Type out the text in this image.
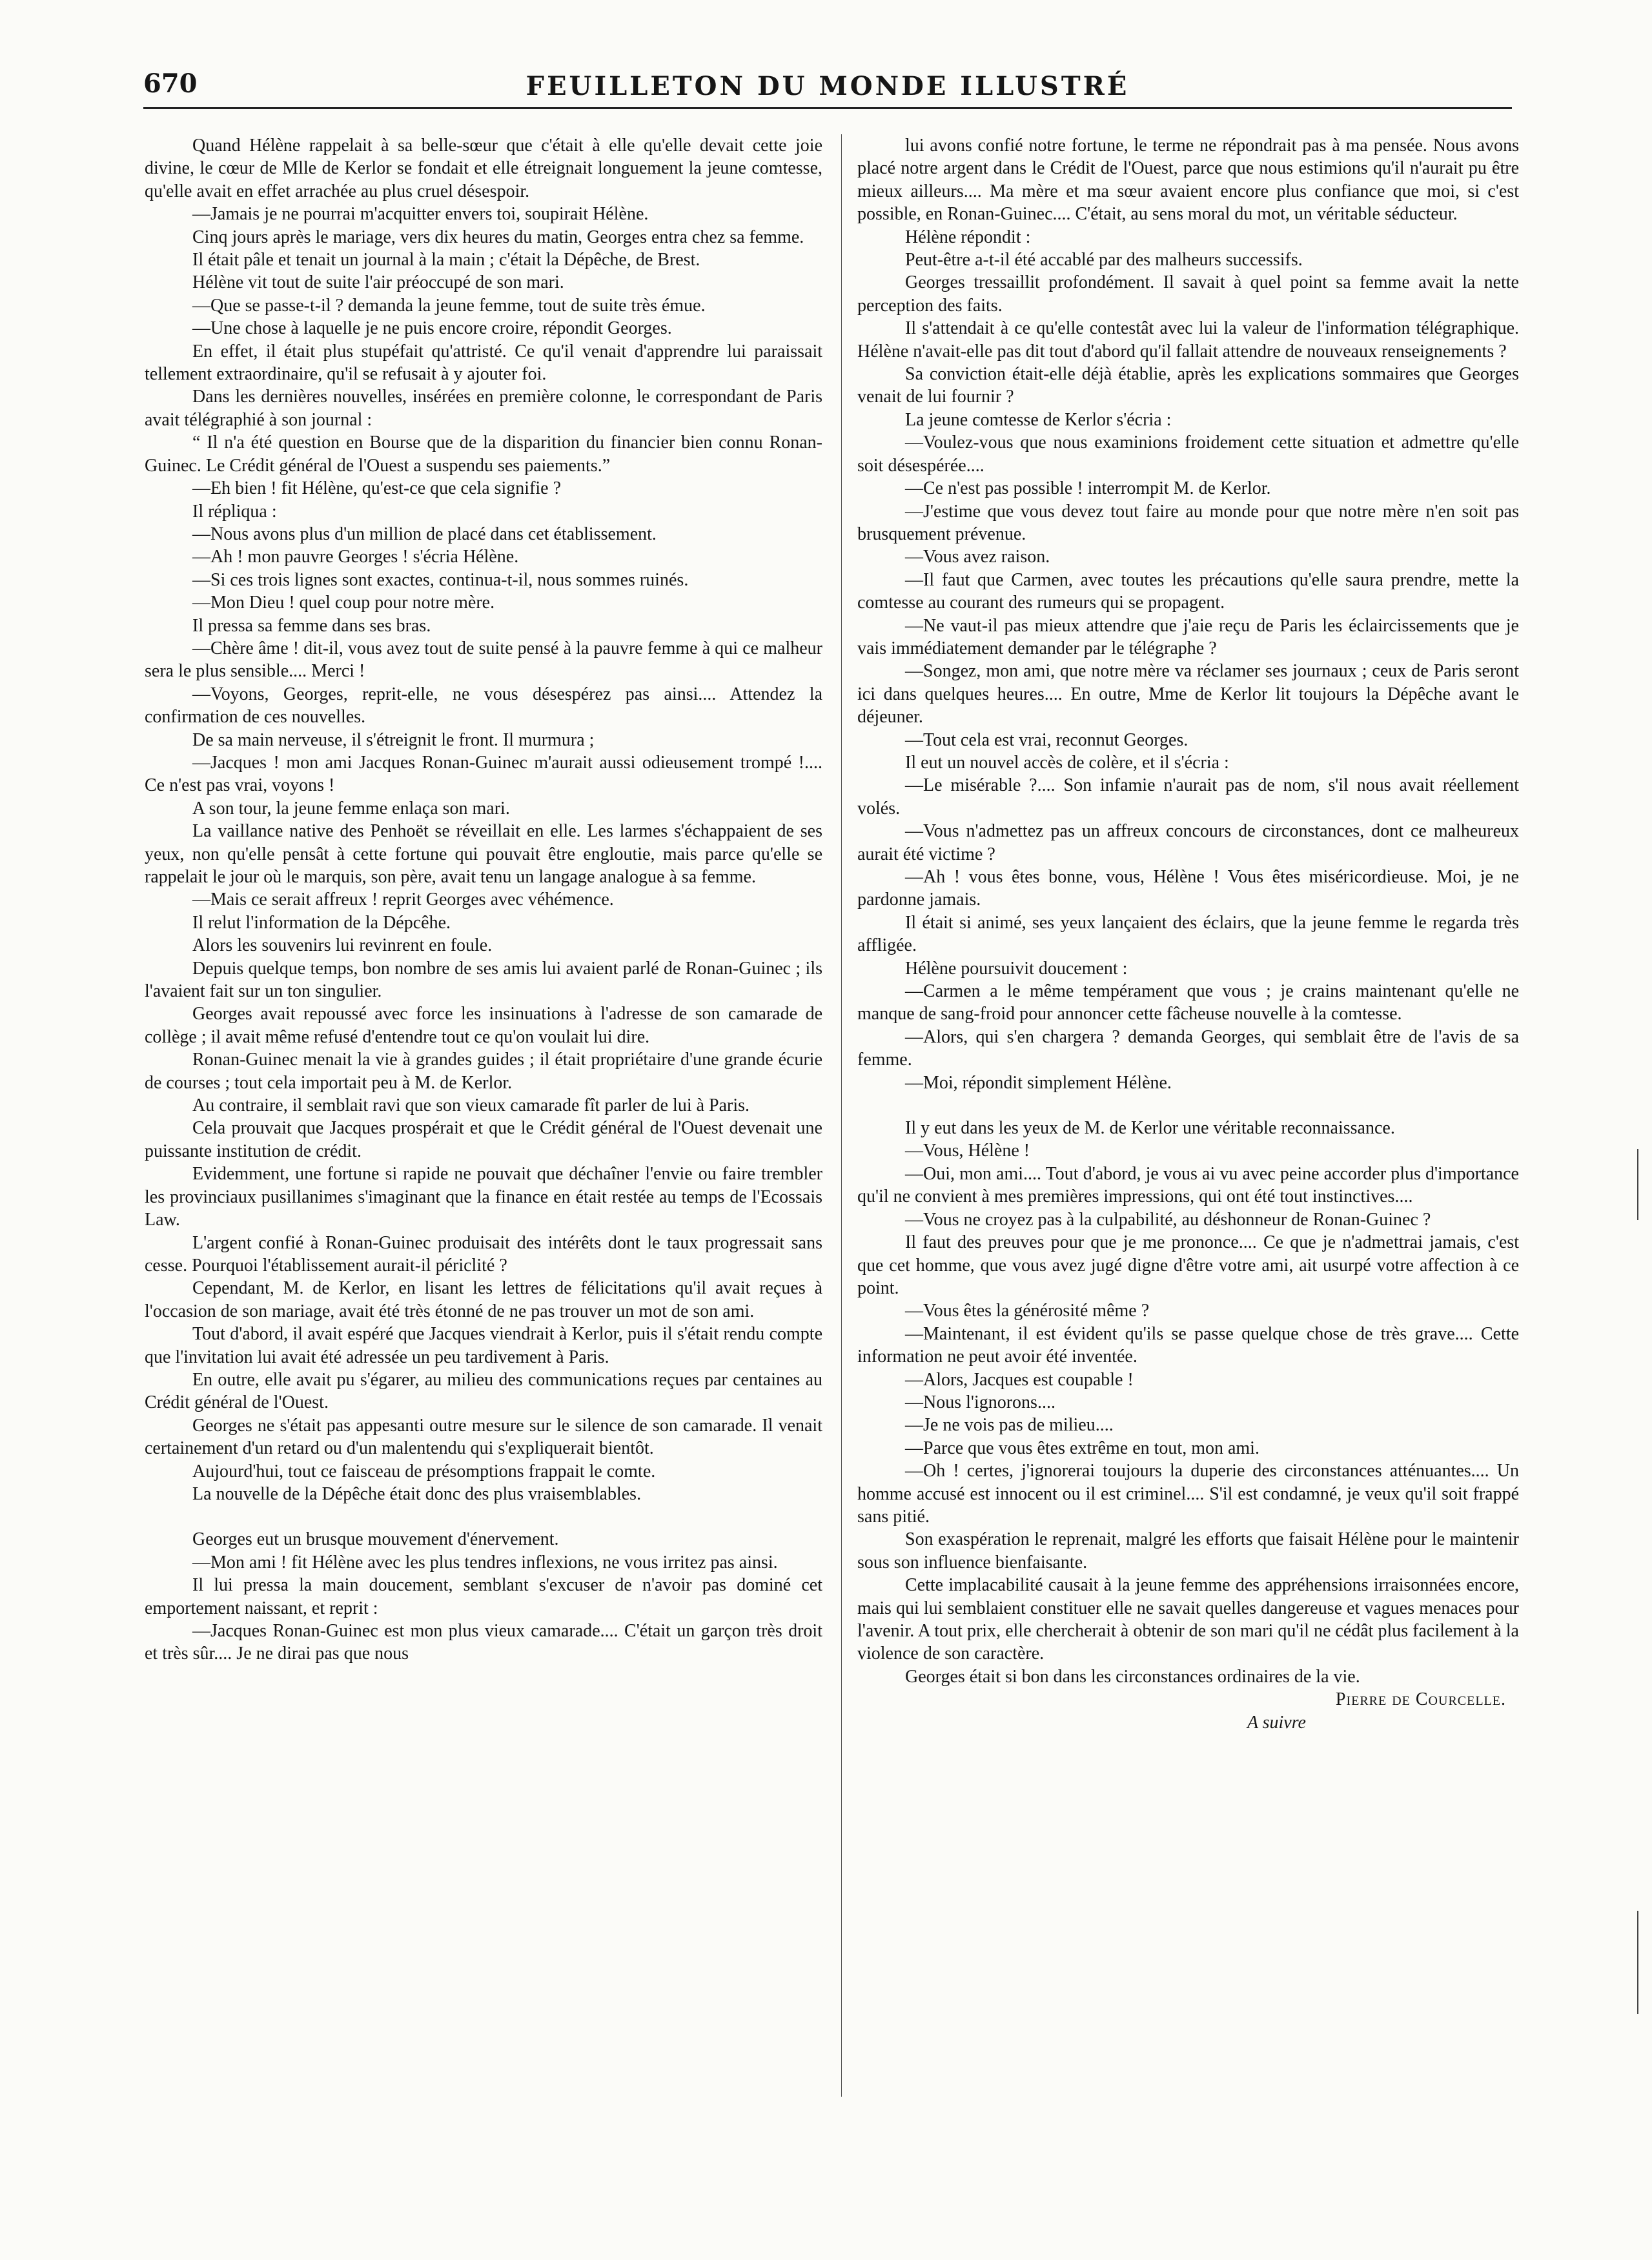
670	FEUILLETON DU MONDE ILLUSTRÉ

Quand Hélène rappelait à sa belle-sœur que c'était à elle qu'elle devait cette joie divine, le cœur de Mlle de Kerlor se fondait et elle étreignait longuement la jeune comtesse, qu'elle avait en effet arrachée au plus cruel désespoir.

—Jamais je ne pourrai m'acquitter envers toi, soupirait Hélène.

Cinq jours après le mariage, vers dix heures du matin, Georges entra chez sa femme.

Il était pâle et tenait un journal à la main ; c'était la Dépêche, de Brest.

Hélène vit tout de suite l'air préoccupé de son mari.

—Que se passe-t-il ? demanda la jeune femme, tout de suite très émue.

—Une chose à laquelle je ne puis encore croire, répondit Georges.

En effet, il était plus stupéfait qu'attristé. Ce qu'il venait d'apprendre lui paraissait tellement extraordinaire, qu'il se refusait à y ajouter foi.

Dans les dernières nouvelles, insérées en première colonne, le correspondant de Paris avait télégraphié à son journal :

“ Il n'a été question en Bourse que de la disparition du financier bien connu Ronan-Guinec. Le Crédit général de l'Ouest a suspendu ses paiements.”

—Eh bien ! fit Hélène, qu'est-ce que cela signifie ?

Il répliqua :

—Nous avons plus d'un million de placé dans cet établissement.

—Ah ! mon pauvre Georges ! s'écria Hélène.

—Si ces trois lignes sont exactes, continua-t-il, nous sommes ruinés.

—Mon Dieu ! quel coup pour notre mère.

Il pressa sa femme dans ses bras.

—Chère âme ! dit-il, vous avez tout de suite pensé à la pauvre femme à qui ce malheur sera le plus sensible.... Merci !

—Voyons, Georges, reprit-elle, ne vous désespérez pas ainsi.... Attendez la confirmation de ces nouvelles.

De sa main nerveuse, il s'étreignit le front. Il murmura ;

—Jacques ! mon ami Jacques Ronan-Guinec m'aurait aussi odieusement trompé !.... Ce n'est pas vrai, voyons !

A son tour, la jeune femme enlaça son mari.

La vaillance native des Penhoët se réveillait en elle. Les larmes s'échappaient de ses yeux, non qu'elle pensât à cette fortune qui pouvait être engloutie, mais parce qu'elle se rappelait le jour où le marquis, son père, avait tenu un langage analogue à sa femme.

—Mais ce serait affreux ! reprit Georges avec véhémence.

Il relut l'information de la Dépcêhe.

Alors les souvenirs lui revinrent en foule.

Depuis quelque temps, bon nombre de ses amis lui avaient parlé de Ronan-Guinec ; ils l'avaient fait sur un ton singulier.

Georges avait repoussé avec force les insinuations à l'adresse de son camarade de collège ; il avait même refusé d'entendre tout ce qu'on voulait lui dire.

Ronan-Guinec menait la vie à grandes guides ; il était propriétaire d'une grande écurie de courses ; tout cela importait peu à M. de Kerlor.

Au contraire, il semblait ravi que son vieux camarade fît parler de lui à Paris.

Cela prouvait que Jacques prospérait et que le Crédit général de l'Ouest devenait une puissante institution de crédit.

Evidemment, une fortune si rapide ne pouvait que déchaîner l'envie ou faire trembler les provinciaux pusillanimes s'imaginant que la finance en était restée au temps de l'Ecossais Law.

L'argent confié à Ronan-Guinec produisait des intérêts dont le taux progressait sans cesse. Pourquoi l'établissement aurait-il périclité ?

Cependant, M. de Kerlor, en lisant les lettres de félicitations qu'il avait reçues à l'occasion de son mariage, avait été très étonné de ne pas trouver un mot de son ami.

Tout d'abord, il avait espéré que Jacques viendrait à Kerlor, puis il s'était rendu compte que l'invitation lui avait été adressée un peu tardivement à Paris.

En outre, elle avait pu s'égarer, au milieu des communications reçues par centaines au Crédit général de l'Ouest.

Georges ne s'était pas appesanti outre mesure sur le silence de son camarade. Il venait certainement d'un retard ou d'un malentendu qui s'expliquerait bientôt.

Aujourd'hui, tout ce faisceau de présomptions frappait le comte.

La nouvelle de la Dépêche était donc des plus vraisemblables.

Georges eut un brusque mouvement d'énervement.

—Mon ami ! fit Hélène avec les plus tendres inflexions, ne vous irritez pas ainsi.

Il lui pressa la main doucement, semblant s'excuser de n'avoir pas dominé cet emportement naissant, et reprit :

—Jacques Ronan-Guinec est mon plus vieux camarade.... C'était un garçon très droit et très sûr.... Je ne dirai pas que nous

lui avons confié notre fortune, le terme ne répondrait pas à ma pensée. Nous avons placé notre argent dans le Crédit de l'Ouest, parce que nous estimions qu'il n'aurait pu être mieux ailleurs.... Ma mère et ma sœur avaient encore plus confiance que moi, si c'est possible, en Ronan-Guinec.... C'était, au sens moral du mot, un véritable séducteur.

Hélène répondit :

Peut-être a-t-il été accablé par des malheurs successifs.

Georges tressaillit profondément. Il savait à quel point sa femme avait la nette perception des faits.

Il s'attendait à ce qu'elle contestât avec lui la valeur de l'information télégraphique. Hélène n'avait-elle pas dit tout d'abord qu'il fallait attendre de nouveaux renseignements ?

Sa conviction était-elle déjà établie, après les explications sommaires que Georges venait de lui fournir ?

La jeune comtesse de Kerlor s'écria :

—Voulez-vous que nous examinions froidement cette situation et admettre qu'elle soit désespérée....

—Ce n'est pas possible ! interrompit M. de Kerlor.

—J'estime que vous devez tout faire au monde pour que notre mère n'en soit pas brusquement prévenue.

—Vous avez raison.

—Il faut que Carmen, avec toutes les précautions qu'elle saura prendre, mette la comtesse au courant des rumeurs qui se propagent.

—Ne vaut-il pas mieux attendre que j'aie reçu de Paris les éclaircissements que je vais immédiatement demander par le télégraphe ?

—Songez, mon ami, que notre mère va réclamer ses journaux ; ceux de Paris seront ici dans quelques heures.... En outre, Mme de Kerlor lit toujours la Dépêche avant le déjeuner.

—Tout cela est vrai, reconnut Georges.

Il eut un nouvel accès de colère, et il s'écria :

—Le misérable ?.... Son infamie n'aurait pas de nom, s'il nous avait réellement volés.

—Vous n'admettez pas un affreux concours de circonstances, dont ce malheureux aurait été victime ?

—Ah ! vous êtes bonne, vous, Hélène ! Vous êtes miséricordieuse. Moi, je ne pardonne jamais.

Il était si animé, ses yeux lançaient des éclairs, que la jeune femme le regarda très affligée.

Hélène poursuivit doucement :

—Carmen a le même tempérament que vous ; je crains maintenant qu'elle ne manque de sang-froid pour annoncer cette fâcheuse nouvelle à la comtesse.

—Alors, qui s'en chargera ? demanda Georges, qui semblait être de l'avis de sa femme.

—Moi, répondit simplement Hélène.

Il y eut dans les yeux de M. de Kerlor une véritable reconnaissance.

—Vous, Hélène !

—Oui, mon ami.... Tout d'abord, je vous ai vu avec peine accorder plus d'importance qu'il ne convient à mes premières impressions, qui ont été tout instinctives....

—Vous ne croyez pas à la culpabilité, au déshonneur de Ronan-Guinec ?

Il faut des preuves pour que je me prononce.... Ce que je n'admettrai jamais, c'est que cet homme, que vous avez jugé digne d'être votre ami, ait usurpé votre affection à ce point.

—Vous êtes la générosité même ?

—Maintenant, il est évident qu'ils se passe quelque chose de très grave.... Cette information ne peut avoir été inventée.

—Alors, Jacques est coupable !

—Nous l'ignorons....

—Je ne vois pas de milieu....

—Parce que vous êtes extrême en tout, mon ami.

—Oh ! certes, j'ignorerai toujours la duperie des circonstances atténuantes.... Un homme accusé est innocent ou il est criminel.... S'il est condamné, je veux qu'il soit frappé sans pitié.

Son exaspération le reprenait, malgré les efforts que faisait Hélène pour le maintenir sous son influence bienfaisante.

Cette implacabilité causait à la jeune femme des appréhensions irraisonnées encore, mais qui lui semblaient constituer elle ne savait quelles dangereuse et vagues menaces pour l'avenir. A tout prix, elle chercherait à obtenir de son mari qu'il ne cédât plus facilement à la violence de son caractère.

Georges était si bon dans les circonstances ordinaires de la vie.

Pierre de Courcelle.

A suivre
